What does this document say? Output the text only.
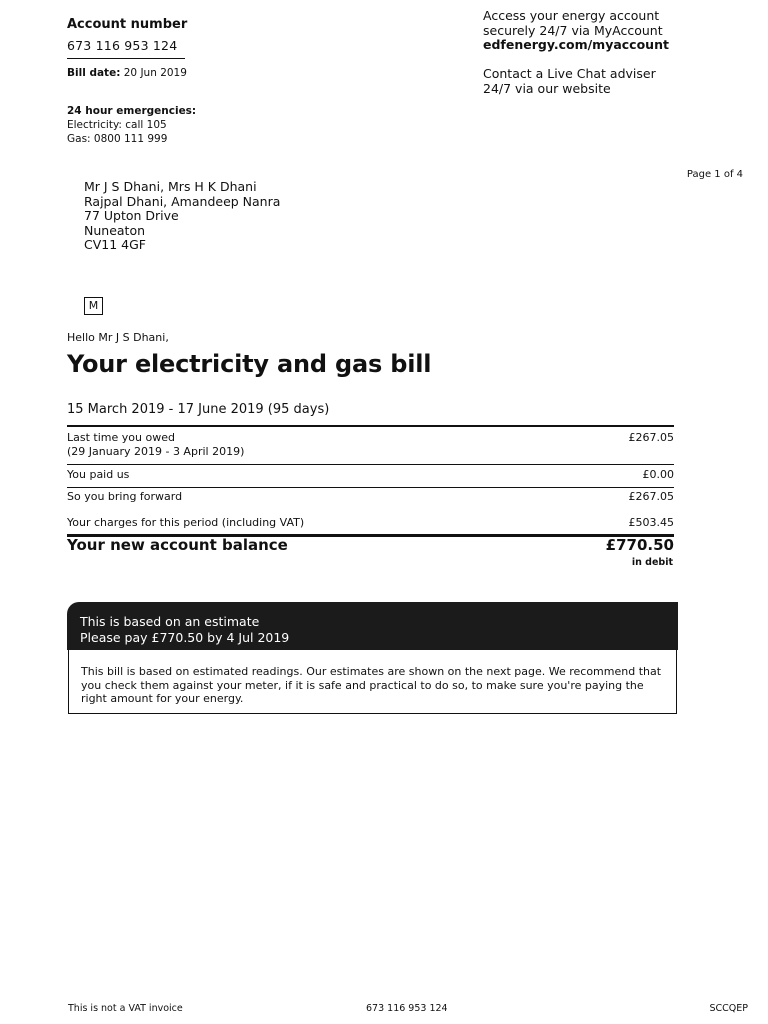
Account number
673 116 953 124
Bill date: 20 Jun 2019
24 hour emergencies:
Electricity: call 105
Gas: 0800 111 999
Access your energy account
securely 24/7 via MyAccount
edfenergy.com/myaccount
Contact a Live Chat adviser
24/7 via our website
Page 1 of 4
Mr J S Dhani, Mrs H K Dhani
Rajpal Dhani, Amandeep Nanra
77 Upton Drive
Nuneaton
CV11 4GF
M
Hello Mr J S Dhani,
Your electricity and gas bill
15 March 2019 - 17 June 2019 (95 days)
Last time you owed
(29 January 2019 - 3 April 2019)
£267.05
You paid us	£0.00
So you bring forward	£267.05
Your charges for this period (including VAT)	£503.45
Your new account balance	£770.50
in debit
This is based on an estimate
Please pay £770.50 by 4 Jul 2019
This bill is based on estimated readings. Our estimates are shown on the next page. We recommend that you check them against your meter, if it is safe and practical to do so, to make sure you're paying the right amount for your energy.
This is not a VAT invoice	673 116 953 124	SCCQEP
